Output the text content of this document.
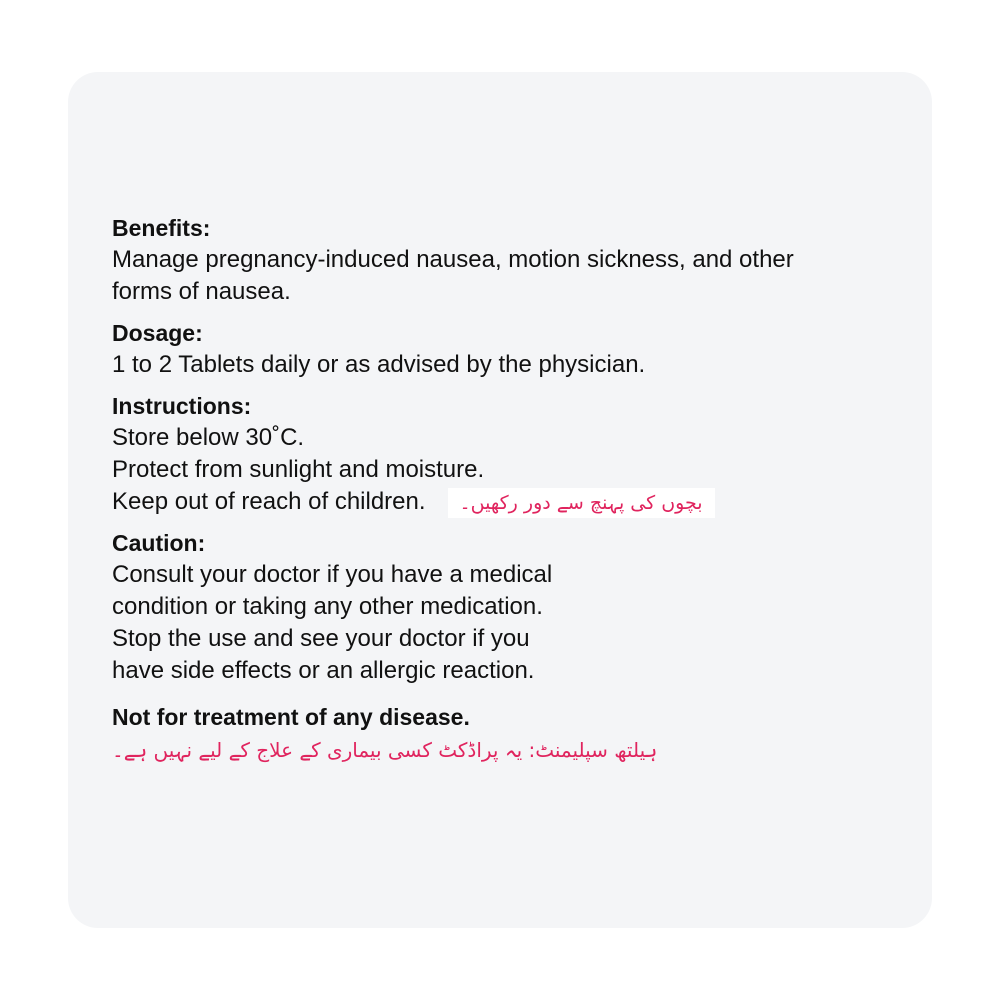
Benefits:

Manage pregnancy-induced nausea, motion sickness, and other

forms of nausea.

Dosage:

1 to 2 Tablets daily or as advised by the physician.

Instructions:

Store below 30˚C.

Protect from sunlight and moisture.

Keep out of reach of children. بچوں کی پہنچ سے دور رکھیں۔

Caution:

Consult your doctor if you have a medical

condition or taking any other medication.

Stop the use and see your doctor if you

have side effects or an allergic reaction.

Not for treatment of any disease.

ہیلتھ سپلیمنٹ: یہ پراڈکٹ کسی بیماری کے علاج کے لیے نہیں ہے۔
